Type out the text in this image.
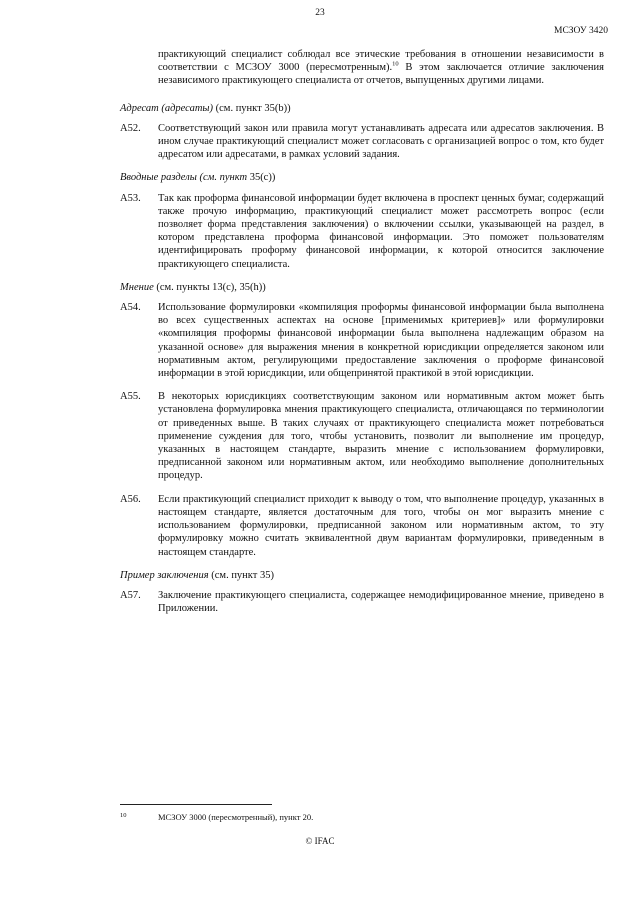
23
МСЗОУ 3420

практикующий специалист соблюдал все этические требования в отношении независимости в соответствии с МСЗОУ 3000 (пересмотренным).$^{10}$ В этом заключается отличие заключения независимого практикующего специалиста от отчетов, выпущенных другими лицами.

Адресат (адресаты) (см. пункт 35(b))
A52.	Соответствующий закон или правила могут устанавливать адресата или адресатов заключения. В ином случае практикующий специалист может согласовать с организацией вопрос о том, кто будет адресатом или адресатами, в рамках условий задания.
Вводные разделы (см. пункт 35(c))
A53.	Так как проформа финансовой информации будет включена в проспект ценных бумаг, содержащий также прочую информацию, практикующий специалист может рассмотреть вопрос (если позволяет форма представления заключения) о включении ссылки, указывающей на раздел, в котором представлена проформа финансовой информации. Это поможет пользователям идентифицировать проформу финансовой информации, к которой относится заключение практикующего специалиста.
Мнение (см. пункты 13(c), 35(h))
A54.	Использование формулировки «компиляция проформы финансовой информации была выполнена во всех существенных аспектах на основе [применимых критериев]» или формулировки «компиляция проформы финансовой информации была выполнена надлежащим образом на указанной основе» для выражения мнения в конкретной юрисдикции определяется законом или нормативным актом, регулирующими предоставление заключения о проформе финансовой информации в этой юрисдикции, или общепринятой практикой в этой юрисдикции.
A55.	В некоторых юрисдикциях соответствующим законом или нормативным актом может быть установлена формулировка мнения практикующего специалиста, отличающаяся по терминологии от приведенных выше. В таких случаях от практикующего специалиста может потребоваться применение суждения для того, чтобы установить, позволит ли выполнение им процедур, указанных в настоящем стандарте, выразить мнение с использованием формулировки, предписанной законом или нормативным актом, или необходимо выполнение дополнительных процедур.
A56.	Если практикующий специалист приходит к выводу о том, что выполнение процедур, указанных в настоящем стандарте, является достаточным для того, чтобы он мог выразить мнение с использованием формулировки, предписанной законом или нормативным актом, то эту формулировку можно считать эквивалентной двум вариантам формулировки, приведенным в настоящем стандарте.
Пример заключения (см. пункт 35)
A57.	Заключение практикующего специалиста, содержащее немодифицированное мнение, приведено в Приложении.
10	МСЗОУ 3000 (пересмотренный), пункт 20.
© IFAC
